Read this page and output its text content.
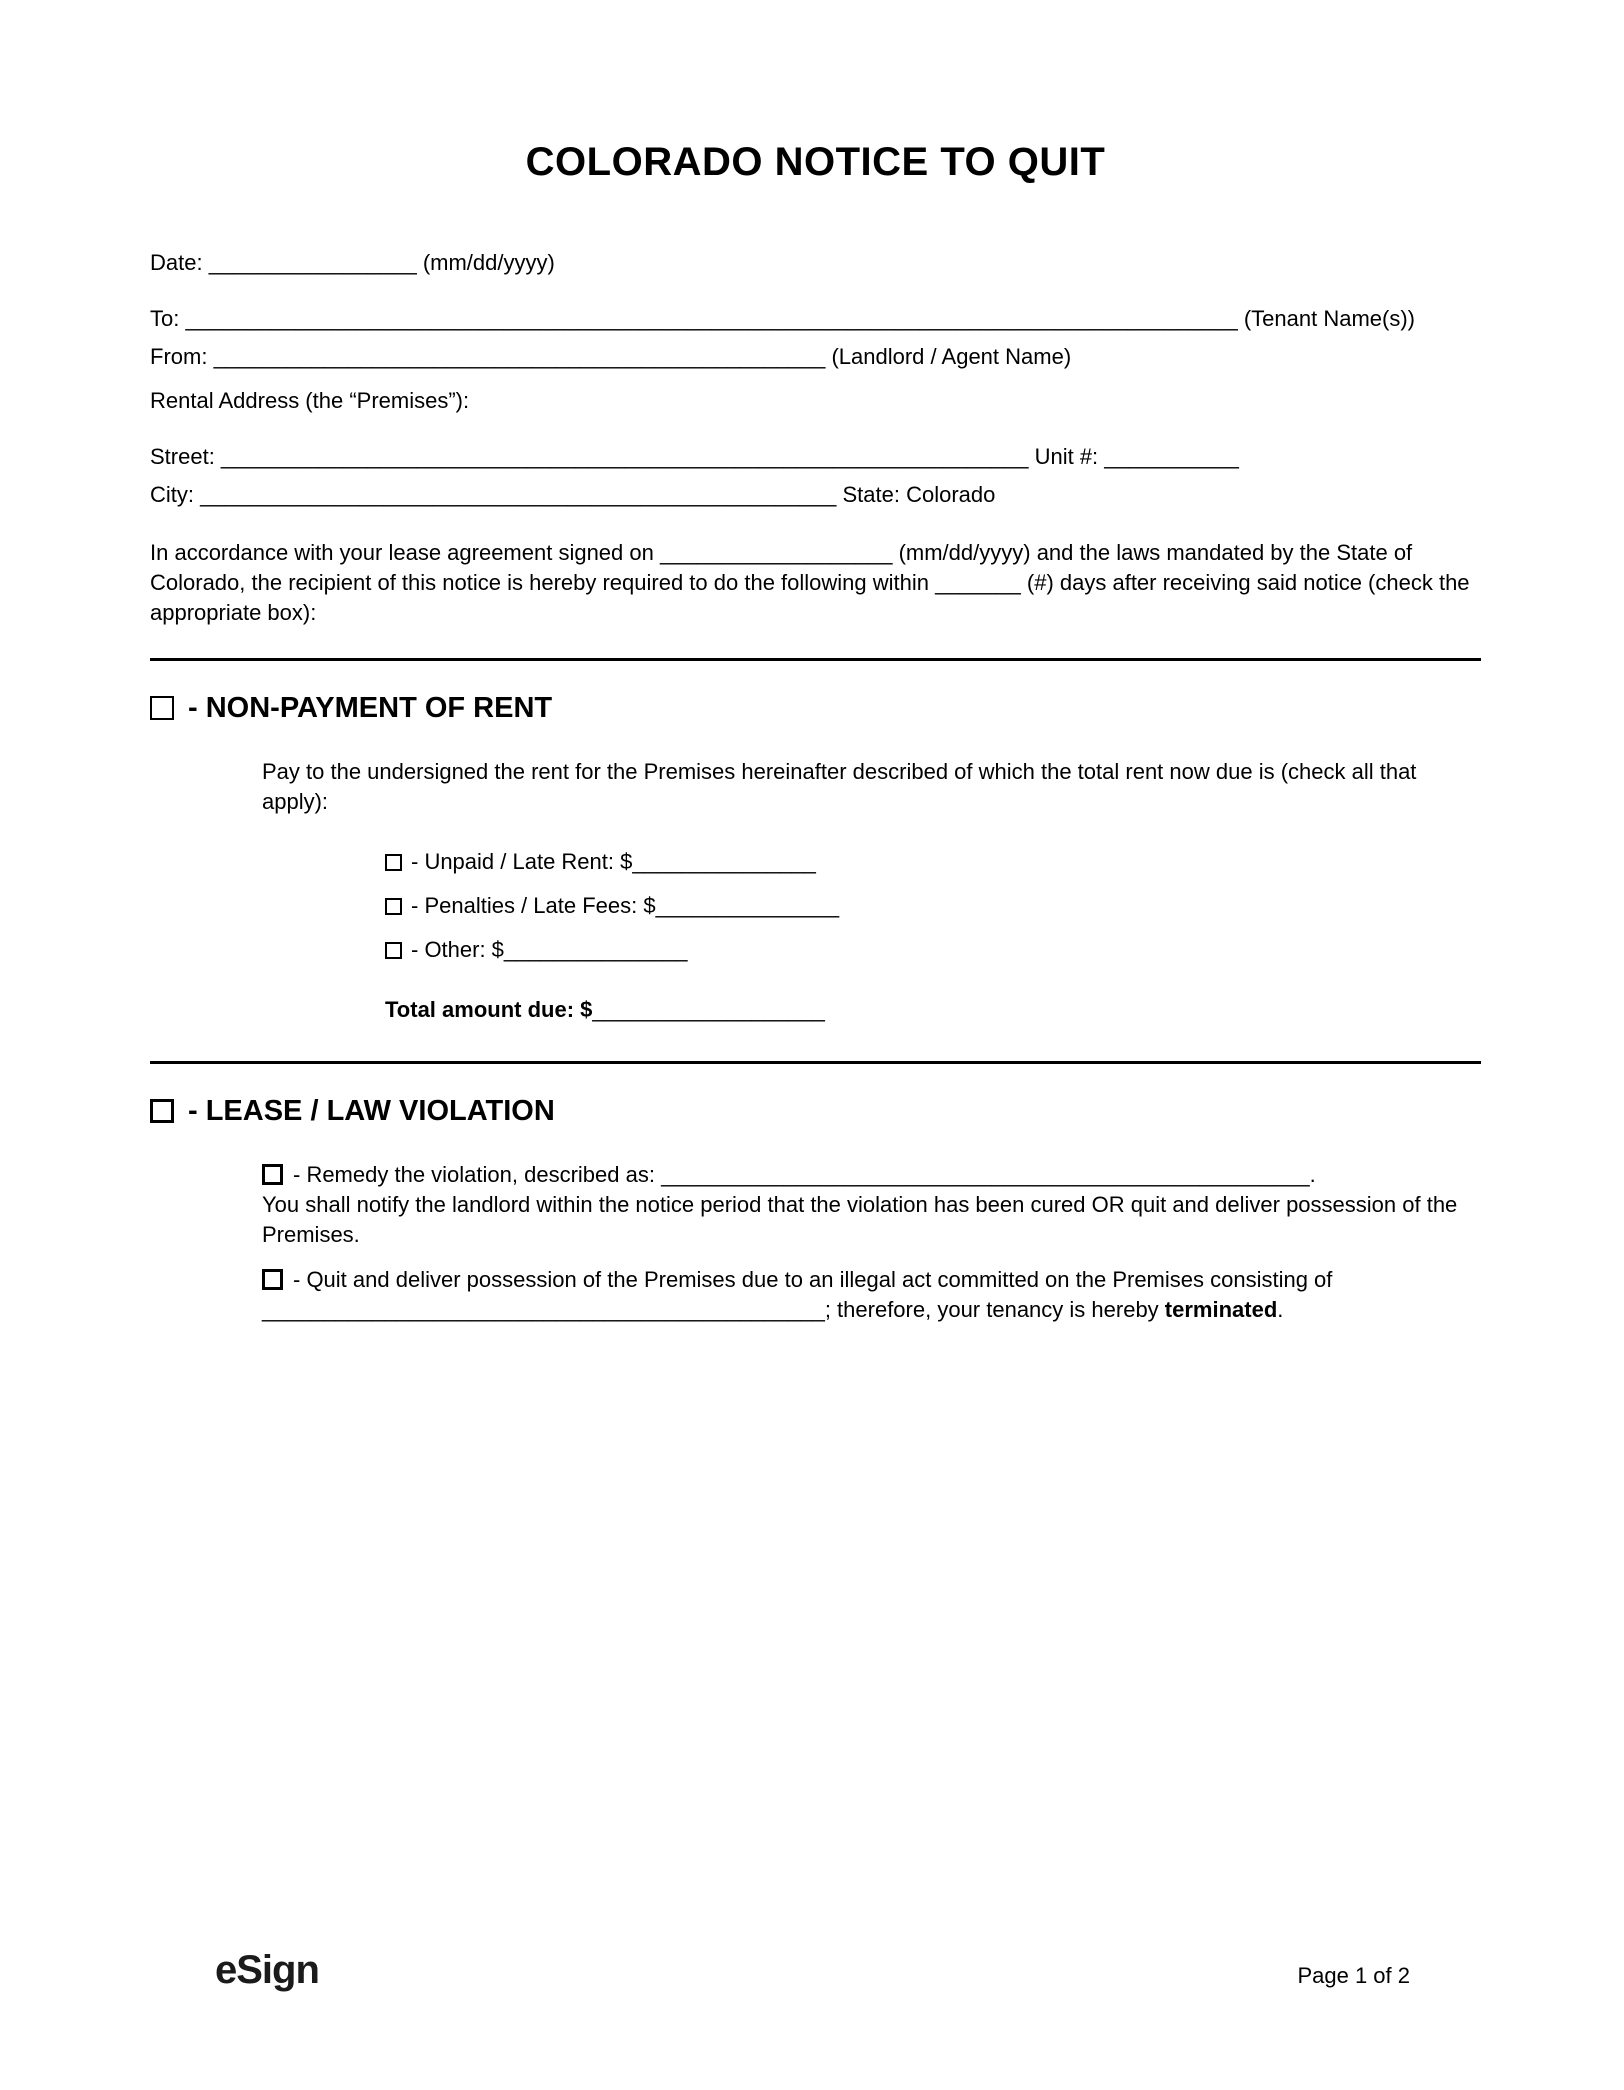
COLORADO NOTICE TO QUIT
Date: _________________ (mm/dd/yyyy)
To: ______________________________________________________________________________________ (Tenant Name(s))
From: __________________________________________________ (Landlord / Agent Name)
Rental Address (the “Premises”):
Street: __________________________________________________________________ Unit #: ___________
City: ____________________________________________________ State: Colorado
In accordance with your lease agreement signed on ___________________ (mm/dd/yyyy) and the laws mandated by the State of Colorado, the recipient of this notice is hereby required to do the following within _______ (#) days after receiving said notice (check the appropriate box):
- NON-PAYMENT OF RENT
Pay to the undersigned the rent for the Premises hereinafter described of which the total rent now due is (check all that apply):
- Unpaid / Late Rent: $_______________
- Penalties / Late Fees: $_______________
- Other: $_______________
Total amount due: $___________________
- LEASE / LAW VIOLATION
- Remedy the violation, described as: _____________________________________________________.
You shall notify the landlord within the notice period that the violation has been cured OR quit and deliver possession of the Premises.
- Quit and deliver possession of the Premises due to an illegal act committed on the Premises consisting of ______________________________________________; therefore, your tenancy is hereby terminated.
eSign	Page 1 of 2
